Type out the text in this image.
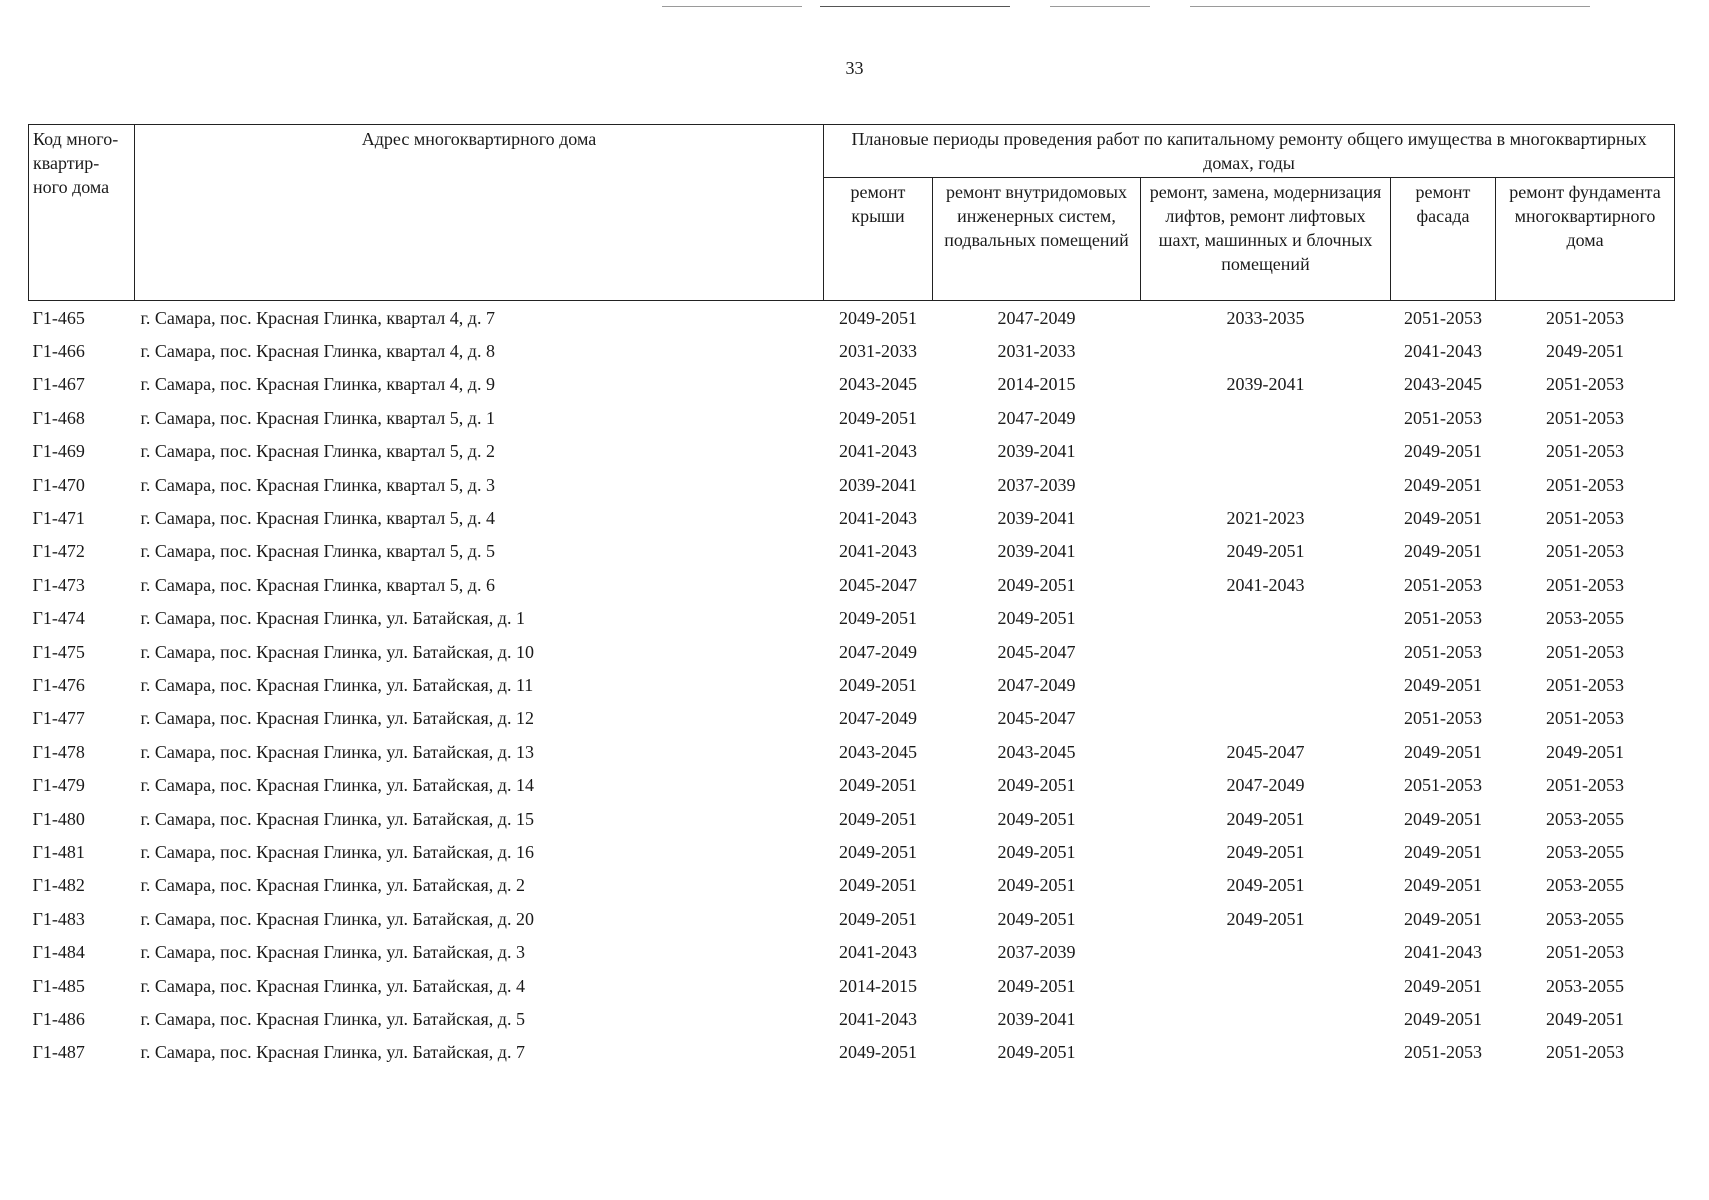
33
Код много-квартир-ного дома	Адрес многоквартирного дома	Плановые периоды проведения работ по капитальному ремонту общего имущества в многоквартирных домах, годы				
		ремонт крыши	ремонт внутридомовых инженерных систем, подвальных помещений	ремонт, замена, модернизация лифтов, ремонт лифтовых шахт, машинных и блочных помещений	ремонт фасада	ремонт фундамента многоквартирного дома
Г1-465	г. Самара, пос. Красная Глинка, квартал 4, д. 7	2049-2051	2047-2049	2033-2035	2051-2053	2051-2053
Г1-466	г. Самара, пос. Красная Глинка, квартал 4, д. 8	2031-2033	2031-2033		2041-2043	2049-2051
Г1-467	г. Самара, пос. Красная Глинка, квартал 4, д. 9	2043-2045	2014-2015	2039-2041	2043-2045	2051-2053
Г1-468	г. Самара, пос. Красная Глинка, квартал 5, д. 1	2049-2051	2047-2049		2051-2053	2051-2053
Г1-469	г. Самара, пос. Красная Глинка, квартал 5, д. 2	2041-2043	2039-2041		2049-2051	2051-2053
Г1-470	г. Самара, пос. Красная Глинка, квартал 5, д. 3	2039-2041	2037-2039		2049-2051	2051-2053
Г1-471	г. Самара, пос. Красная Глинка, квартал 5, д. 4	2041-2043	2039-2041	2021-2023	2049-2051	2051-2053
Г1-472	г. Самара, пос. Красная Глинка, квартал 5, д. 5	2041-2043	2039-2041	2049-2051	2049-2051	2051-2053
Г1-473	г. Самара, пос. Красная Глинка, квартал 5, д. 6	2045-2047	2049-2051	2041-2043	2051-2053	2051-2053
Г1-474	г. Самара, пос. Красная Глинка, ул. Батайская, д. 1	2049-2051	2049-2051		2051-2053	2053-2055
Г1-475	г. Самара, пос. Красная Глинка, ул. Батайская, д. 10	2047-2049	2045-2047		2051-2053	2051-2053
Г1-476	г. Самара, пос. Красная Глинка, ул. Батайская, д. 11	2049-2051	2047-2049		2049-2051	2051-2053
Г1-477	г. Самара, пос. Красная Глинка, ул. Батайская, д. 12	2047-2049	2045-2047		2051-2053	2051-2053
Г1-478	г. Самара, пос. Красная Глинка, ул. Батайская, д. 13	2043-2045	2043-2045	2045-2047	2049-2051	2049-2051
Г1-479	г. Самара, пос. Красная Глинка, ул. Батайская, д. 14	2049-2051	2049-2051	2047-2049	2051-2053	2051-2053
Г1-480	г. Самара, пос. Красная Глинка, ул. Батайская, д. 15	2049-2051	2049-2051	2049-2051	2049-2051	2053-2055
Г1-481	г. Самара, пос. Красная Глинка, ул. Батайская, д. 16	2049-2051	2049-2051	2049-2051	2049-2051	2053-2055
Г1-482	г. Самара, пос. Красная Глинка, ул. Батайская, д. 2	2049-2051	2049-2051	2049-2051	2049-2051	2053-2055
Г1-483	г. Самара, пос. Красная Глинка, ул. Батайская, д. 20	2049-2051	2049-2051	2049-2051	2049-2051	2053-2055
Г1-484	г. Самара, пос. Красная Глинка, ул. Батайская, д. 3	2041-2043	2037-2039		2041-2043	2051-2053
Г1-485	г. Самара, пос. Красная Глинка, ул. Батайская, д. 4	2014-2015	2049-2051		2049-2051	2053-2055
Г1-486	г. Самара, пос. Красная Глинка, ул. Батайская, д. 5	2041-2043	2039-2041		2049-2051	2049-2051
Г1-487	г. Самара, пос. Красная Глинка, ул. Батайская, д. 7	2049-2051	2049-2051		2051-2053	2051-2053
